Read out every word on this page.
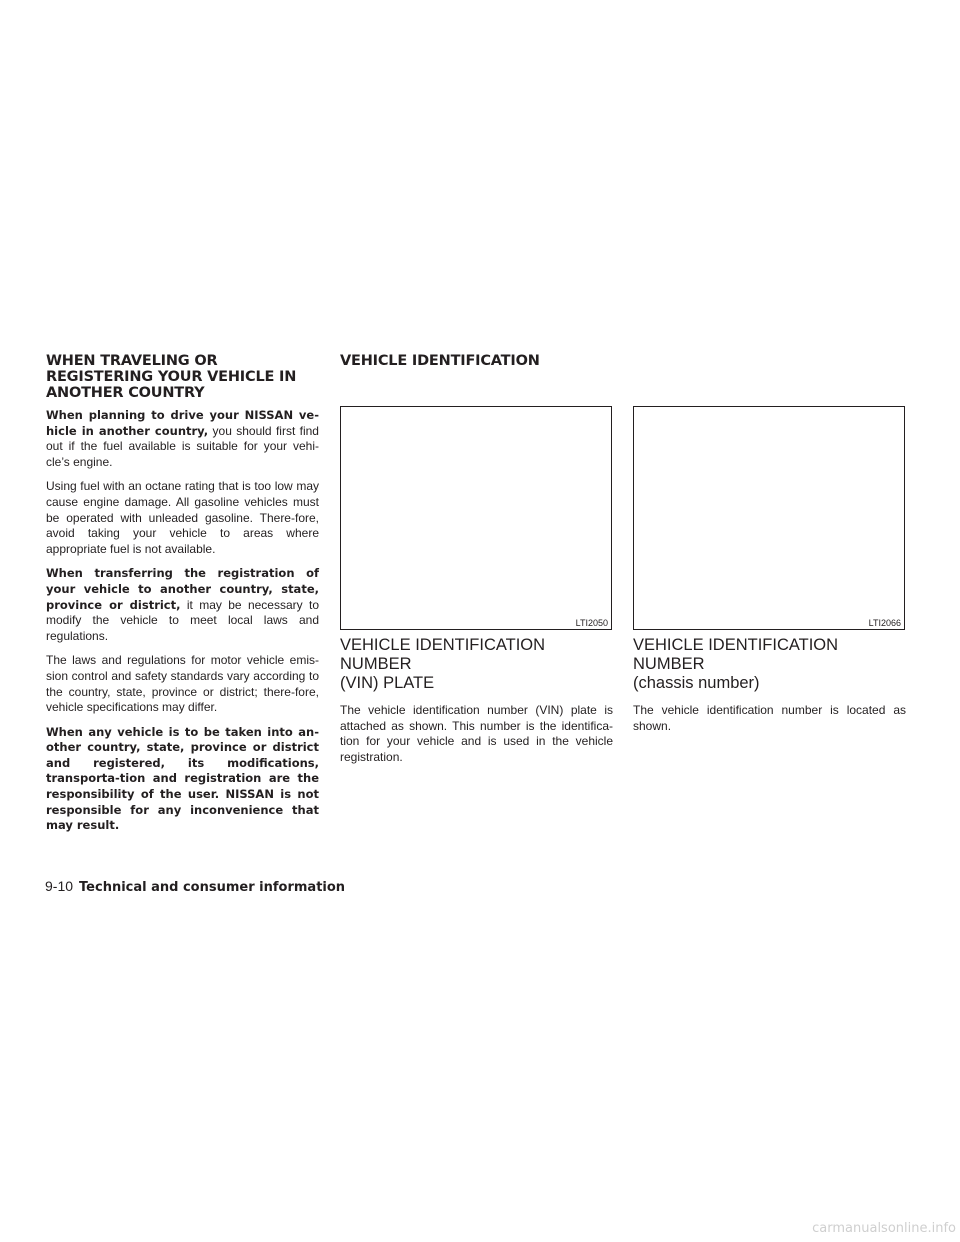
WHEN TRAVELING OR REGISTERING YOUR VEHICLE IN ANOTHER COUNTRY

When planning to drive your NISSAN ve-hicle in another country, you should first find out if the fuel available is suitable for your vehi-cle’s engine.

Using fuel with an octane rating that is too low may cause engine damage. All gasoline vehicles must be operated with unleaded gasoline. There-fore, avoid taking your vehicle to areas where appropriate fuel is not available.

When transferring the registration of your vehicle to another country, state, province or district, it may be necessary to modify the vehicle to meet local laws and regulations.

The laws and regulations for motor vehicle emis-sion control and safety standards vary according to the country, state, province or district; there-fore, vehicle specifications may differ.

When any vehicle is to be taken into an-other country, state, province or district and registered, its modifications, transporta-tion and registration are the responsibility of the user. NISSAN is not responsible for any inconvenience that may result.

VEHICLE IDENTIFICATION
LTI2050	LTI2066
VEHICLE IDENTIFICATION NUMBER
(VIN) PLATE

The vehicle identification number (VIN) plate is attached as shown. This number is the identifica-tion for your vehicle and is used in the vehicle registration.

VEHICLE IDENTIFICATION NUMBER
(chassis number)

The vehicle identification number is located as shown.

9-10 Technical and consumer information
carmanualsonline.info
